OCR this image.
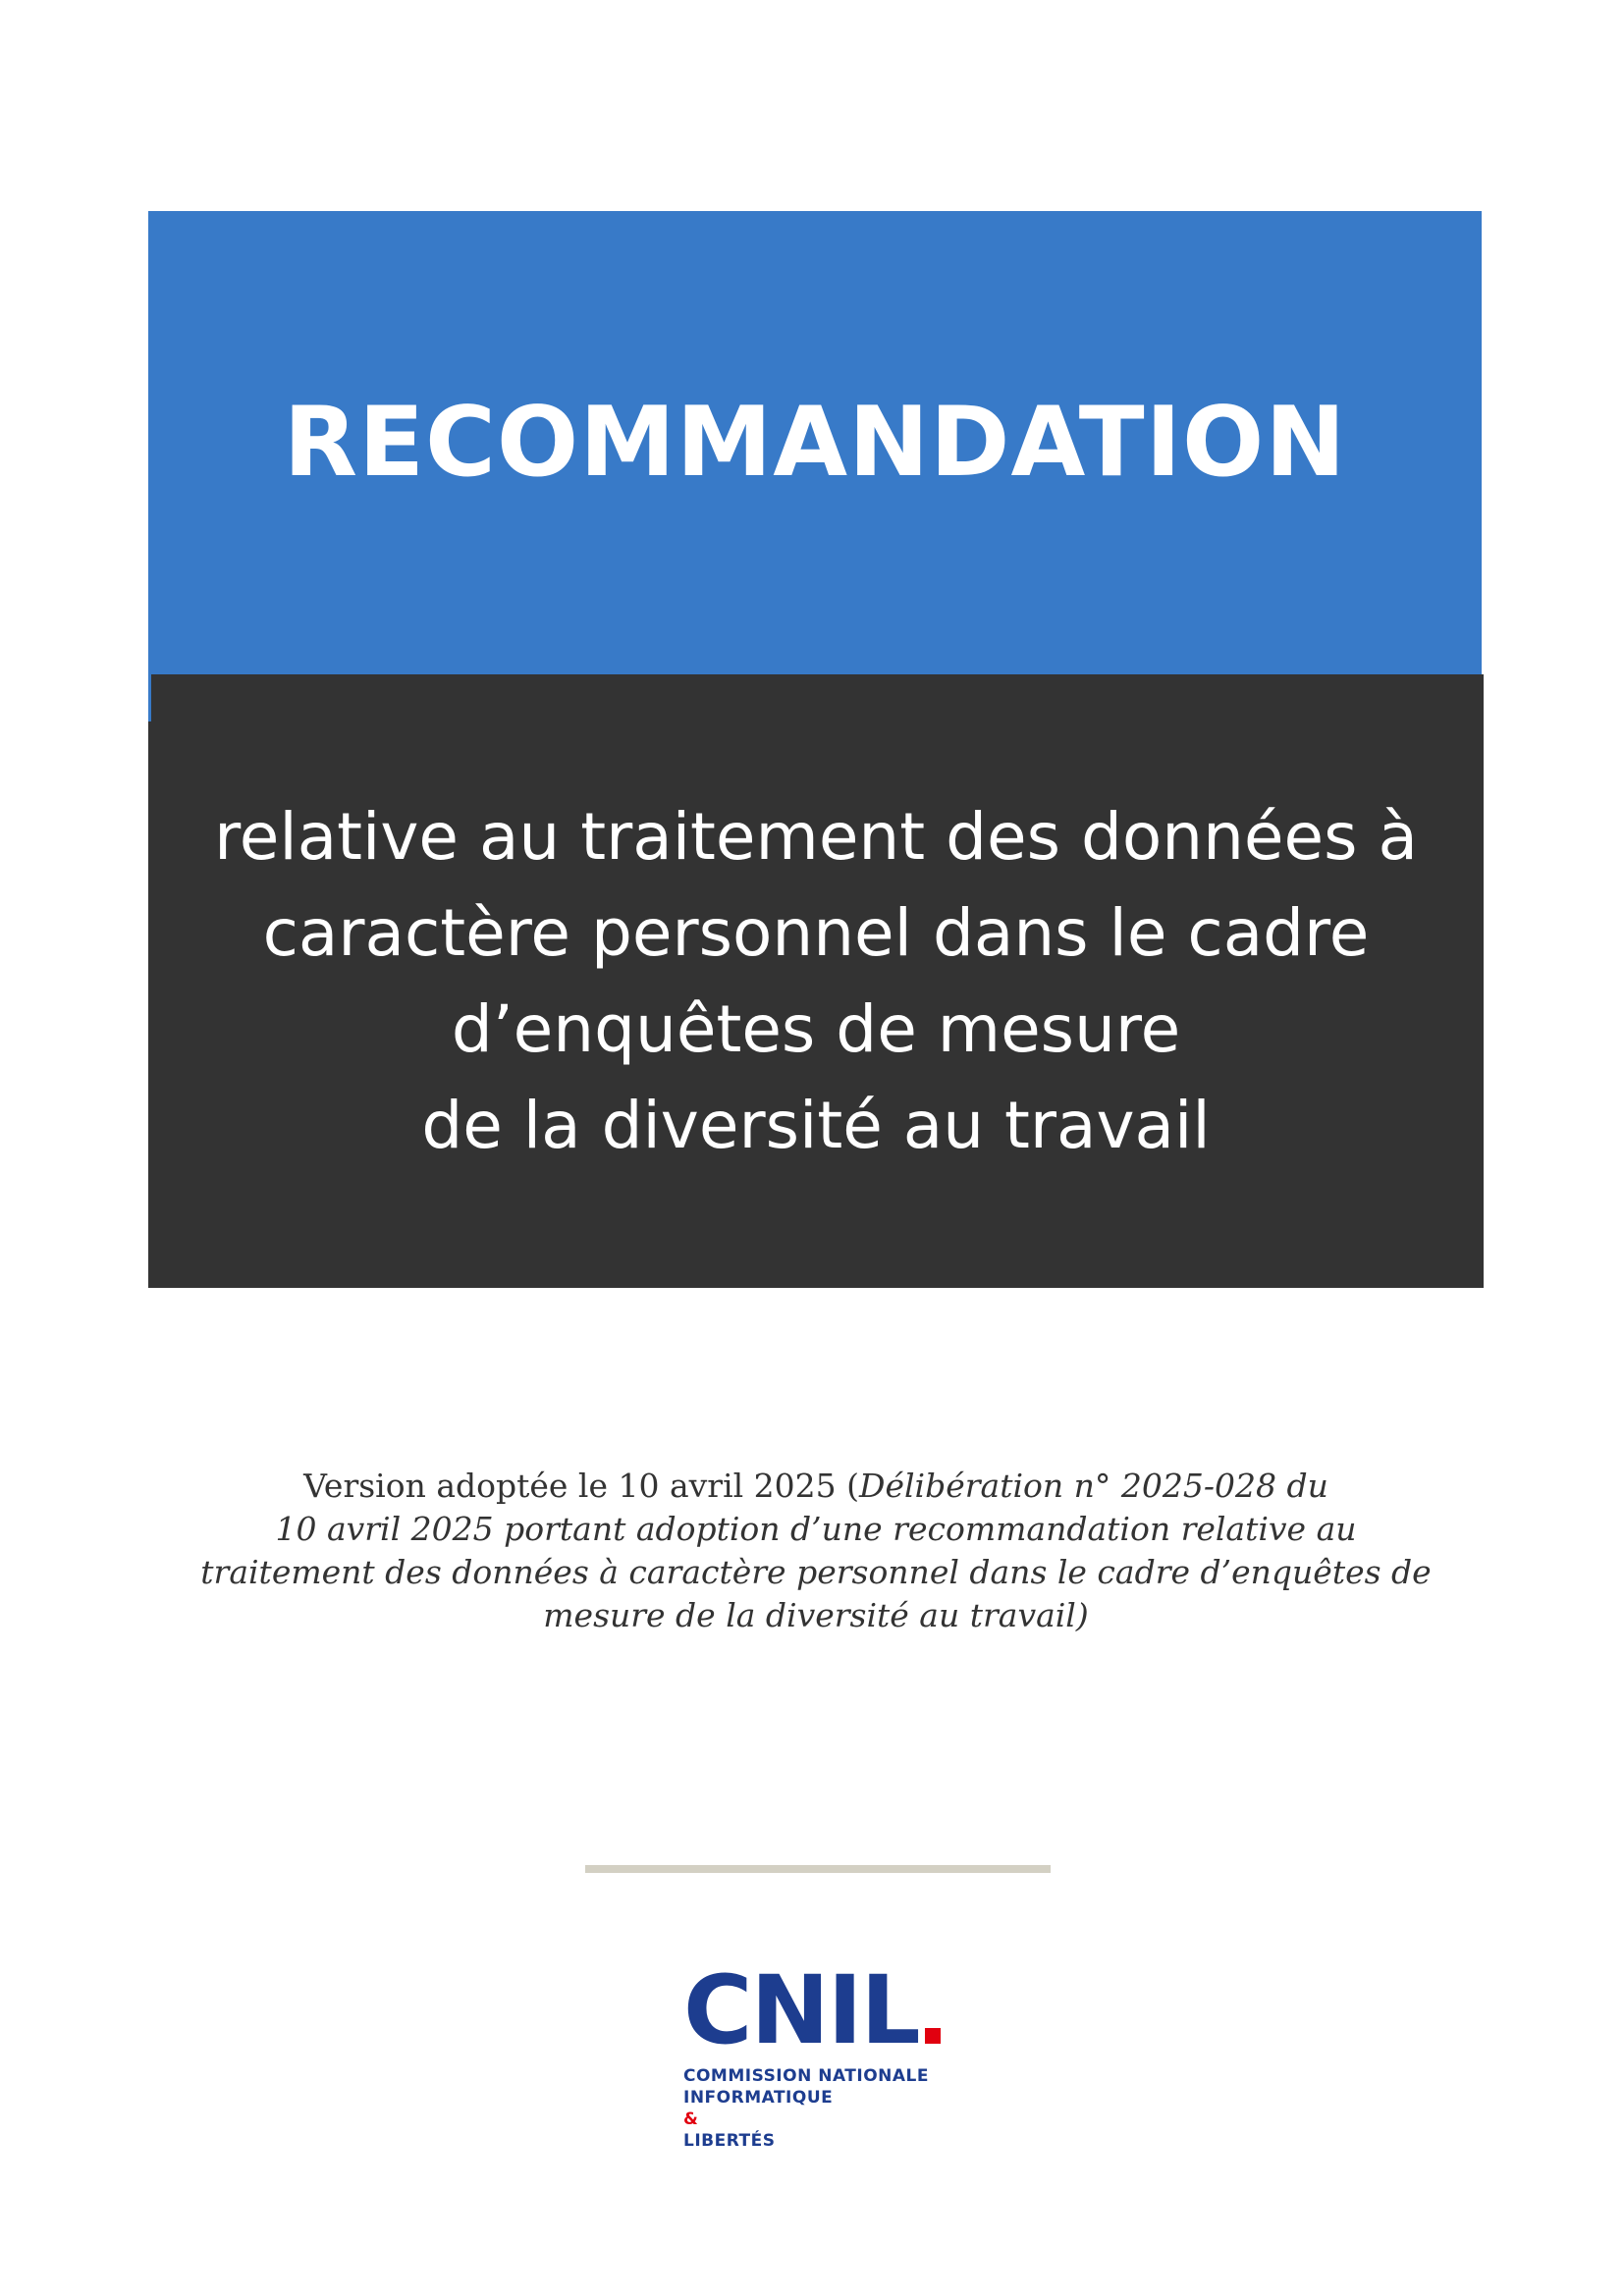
RECOMMANDATION
relative au traitement des données à
caractère personnel dans le cadre
d’enquêtes de mesure
de la diversité au travail
Version adoptée le 10 avril 2025 (Délibération n° 2025-028 du
10 avril 2025 portant adoption d’une recommandation relative au
traitement des données à caractère personnel dans le cadre d’enquêtes de
mesure de la diversité au travail)
CNIL
COMMISSION NATIONALE
INFORMATIQUE
&
LIBERTÉS
